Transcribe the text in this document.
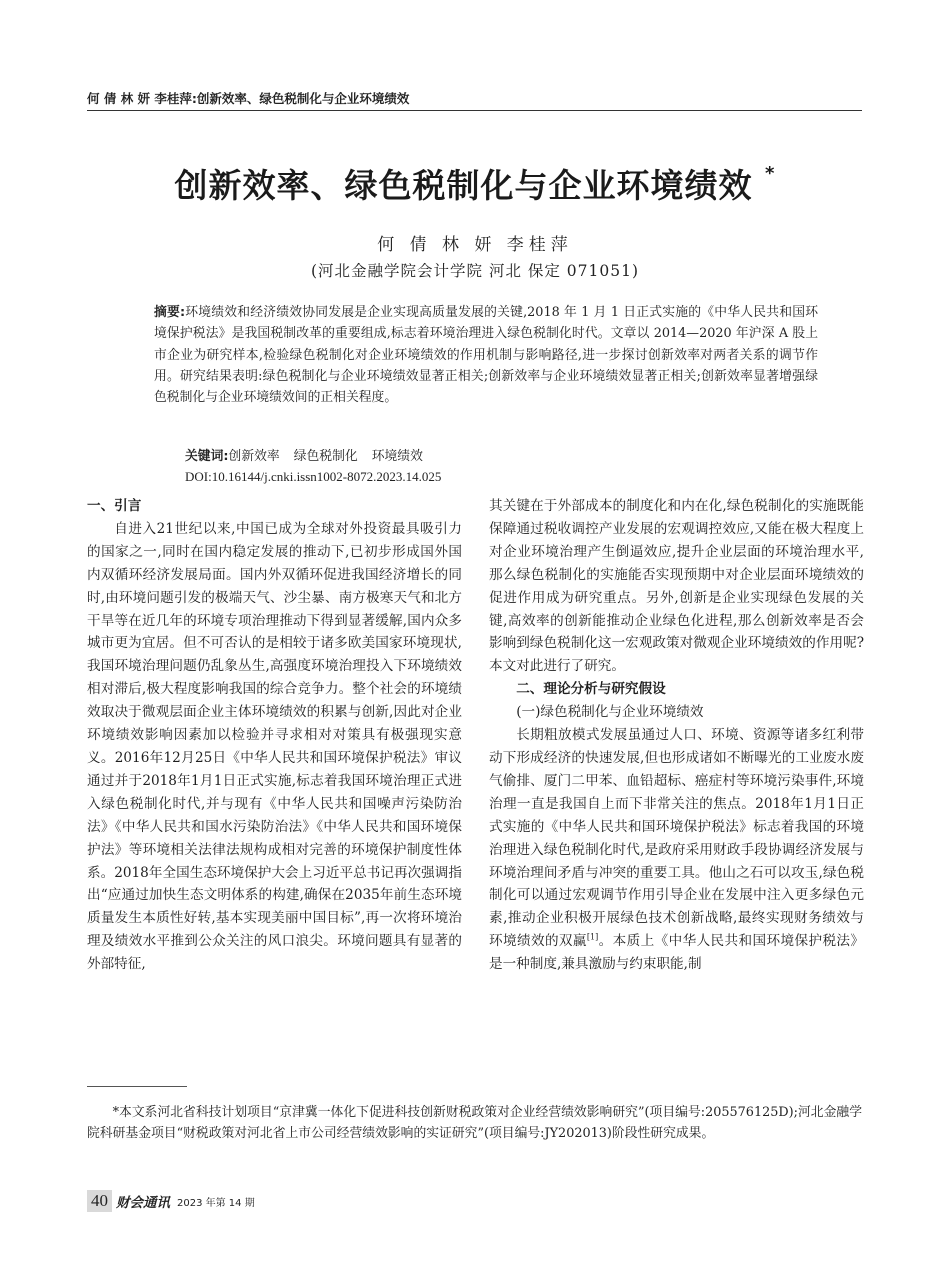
何 倩 林 妍 李桂萍:创新效率、绿色税制化与企业环境绩效
创新效率、绿色税制化与企业环境绩效 *
何 倩 林 妍 李桂萍
(河北金融学院会计学院 河北 保定 071051)
摘要:环境绩效和经济绩效协同发展是企业实现高质量发展的关键,2018 年 1 月 1 日正式实施的《中华人民共和国环境保护税法》是我国税制改革的重要组成,标志着环境治理进入绿色税制化时代。文章以 2014—2020 年沪深 A 股上市企业为研究样本,检验绿色税制化对企业环境绩效的作用机制与影响路径,进一步探讨创新效率对两者关系的调节作用。研究结果表明:绿色税制化与企业环境绩效显著正相关;创新效率与企业环境绩效显著正相关;创新效率显著增强绿色税制化与企业环境绩效间的正相关程度。
关键词:创新效率 绿色税制化 环境绩效
DOI:10.16144/j.cnki.issn1002-8072.2023.14.025

一、引言

自进入21世纪以来,中国已成为全球对外投资最具吸引力的国家之一,同时在国内稳定发展的推动下,已初步形成国外国内双循环经济发展局面。国内外双循环促进我国经济增长的同时,由环境问题引发的极端天气、沙尘暴、南方极寒天气和北方干旱等在近几年的环境专项治理推动下得到显著缓解,国内众多城市更为宜居。但不可否认的是相较于诸多欧美国家环境现状,我国环境治理问题仍乱象丛生,高强度环境治理投入下环境绩效相对滞后,极大程度影响我国的综合竞争力。整个社会的环境绩效取决于微观层面企业主体环境绩效的积累与创新,因此对企业环境绩效影响因素加以检验并寻求相对对策具有极强现实意义。2016年12月25日《中华人民共和国环境保护税法》审议通过并于2018年1月1日正式实施,标志着我国环境治理正式进入绿色税制化时代,并与现有《中华人民共和国噪声污染防治法》《中华人民共和国水污染防治法》《中华人民共和国环境保护法》等环境相关法律法规构成相对完善的环境保护制度性体系。2018年全国生态环境保护大会上习近平总书记再次强调指出“应通过加快生态文明体系的构建,确保在2035年前生态环境质量发生本质性好转,基本实现美丽中国目标”,再一次将环境治理及绩效水平推到公众关注的风口浪尖。环境问题具有显著的外部特征,

其关键在于外部成本的制度化和内在化,绿色税制化的实施既能保障通过税收调控产业发展的宏观调控效应,又能在极大程度上对企业环境治理产生倒逼效应,提升企业层面的环境治理水平,那么绿色税制化的实施能否实现预期中对企业层面环境绩效的促进作用成为研究重点。另外,创新是企业实现绿色发展的关键,高效率的创新能推动企业绿色化进程,那么创新效率是否会影响到绿色税制化这一宏观政策对微观企业环境绩效的作用呢?本文对此进行了研究。

二、理论分析与研究假设

(一)绿色税制化与企业环境绩效

长期粗放模式发展虽通过人口、环境、资源等诸多红利带动下形成经济的快速发展,但也形成诸如不断曝光的工业废水废气偷排、厦门二甲苯、血铅超标、癌症村等环境污染事件,环境治理一直是我国自上而下非常关注的焦点。2018年1月1日正式实施的《中华人民共和国环境保护税法》标志着我国的环境治理进入绿色税制化时代,是政府采用财政手段协调经济发展与环境治理间矛盾与冲突的重要工具。他山之石可以攻玉,绿色税制化可以通过宏观调节作用引导企业在发展中注入更多绿色元素,推动企业积极开展绿色技术创新战略,最终实现财务绩效与环境绩效的双赢[1]。本质上《中华人民共和国环境保护税法》是一种制度,兼具激励与约束职能,制

*本文系河北省科技计划项目“京津冀一体化下促进科技创新财税政策对企业经营绩效影响研究”(项目编号:205576125D);河北金融学院科研基金项目“财税政策对河北省上市公司经营绩效影响的实证研究”(项目编号:JY202013)阶段性研究成果。
40 财会通讯 2023 年第 14 期
